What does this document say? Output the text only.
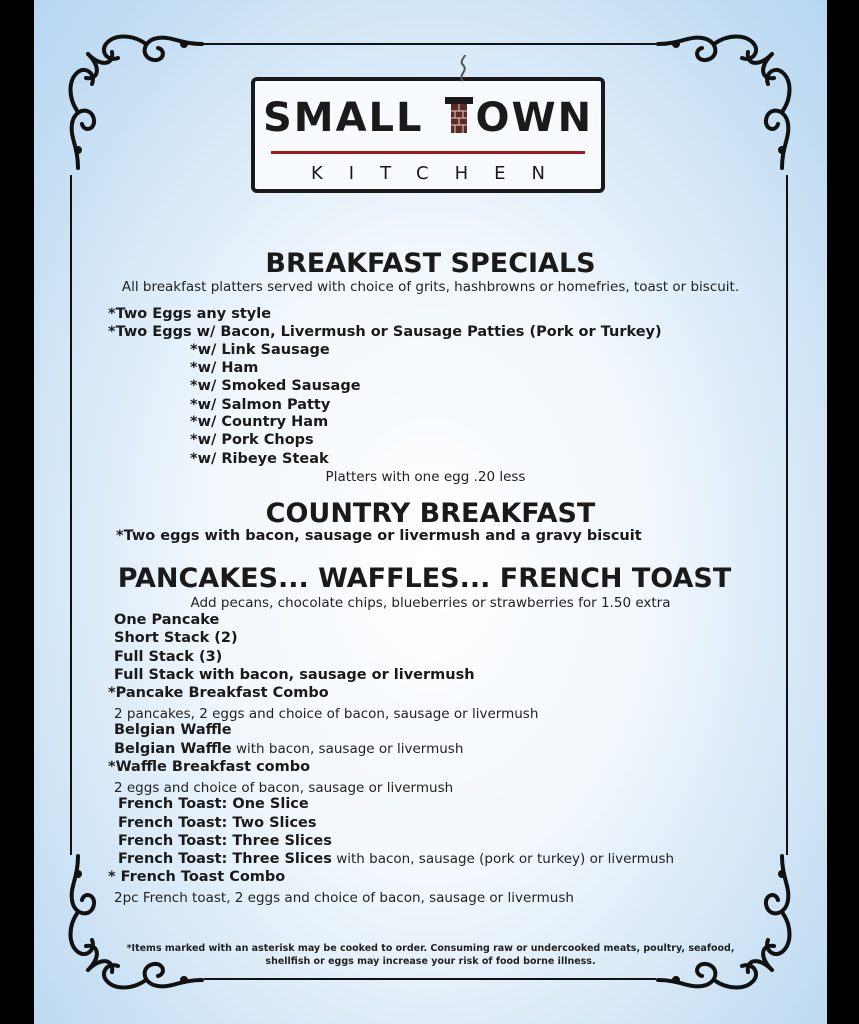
SMALL OWN
KITCHEN
BREAKFAST SPECIALS
All breakfast platters served with choice of grits, hashbrowns or homefries, toast or biscuit.
*Two Eggs any style
*Two Eggs w/ Bacon, Livermush or Sausage Patties (Pork or Turkey)
*w/ Link Sausage
*w/ Ham
*w/ Smoked Sausage
*w/ Salmon Patty
*w/ Country Ham
*w/ Pork Chops
*w/ Ribeye Steak
Platters with one egg .20 less
COUNTRY BREAKFAST
*Two eggs with bacon, sausage or livermush and a gravy biscuit
PANCAKES... WAFFLES... FRENCH TOAST
Add pecans, chocolate chips, blueberries or strawberries for 1.50 extra
One Pancake
Short Stack (2)
Full Stack (3)
Full Stack with bacon, sausage or livermush
*Pancake Breakfast Combo
2 pancakes, 2 eggs and choice of bacon, sausage or livermush
Belgian Waffle
Belgian Waffle with bacon, sausage or livermush
*Waffle Breakfast combo
2 eggs and choice of bacon, sausage or livermush
French Toast: One Slice
French Toast: Two Slices
French Toast: Three Slices
French Toast: Three Slices with bacon, sausage (pork or turkey) or livermush
* French Toast Combo
2pc French toast, 2 eggs and choice of bacon, sausage or livermush
*Items marked with an asterisk may be cooked to order. Consuming raw or undercooked meats, poultry, seafood,
shellfish or eggs may increase your risk of food borne illness.
